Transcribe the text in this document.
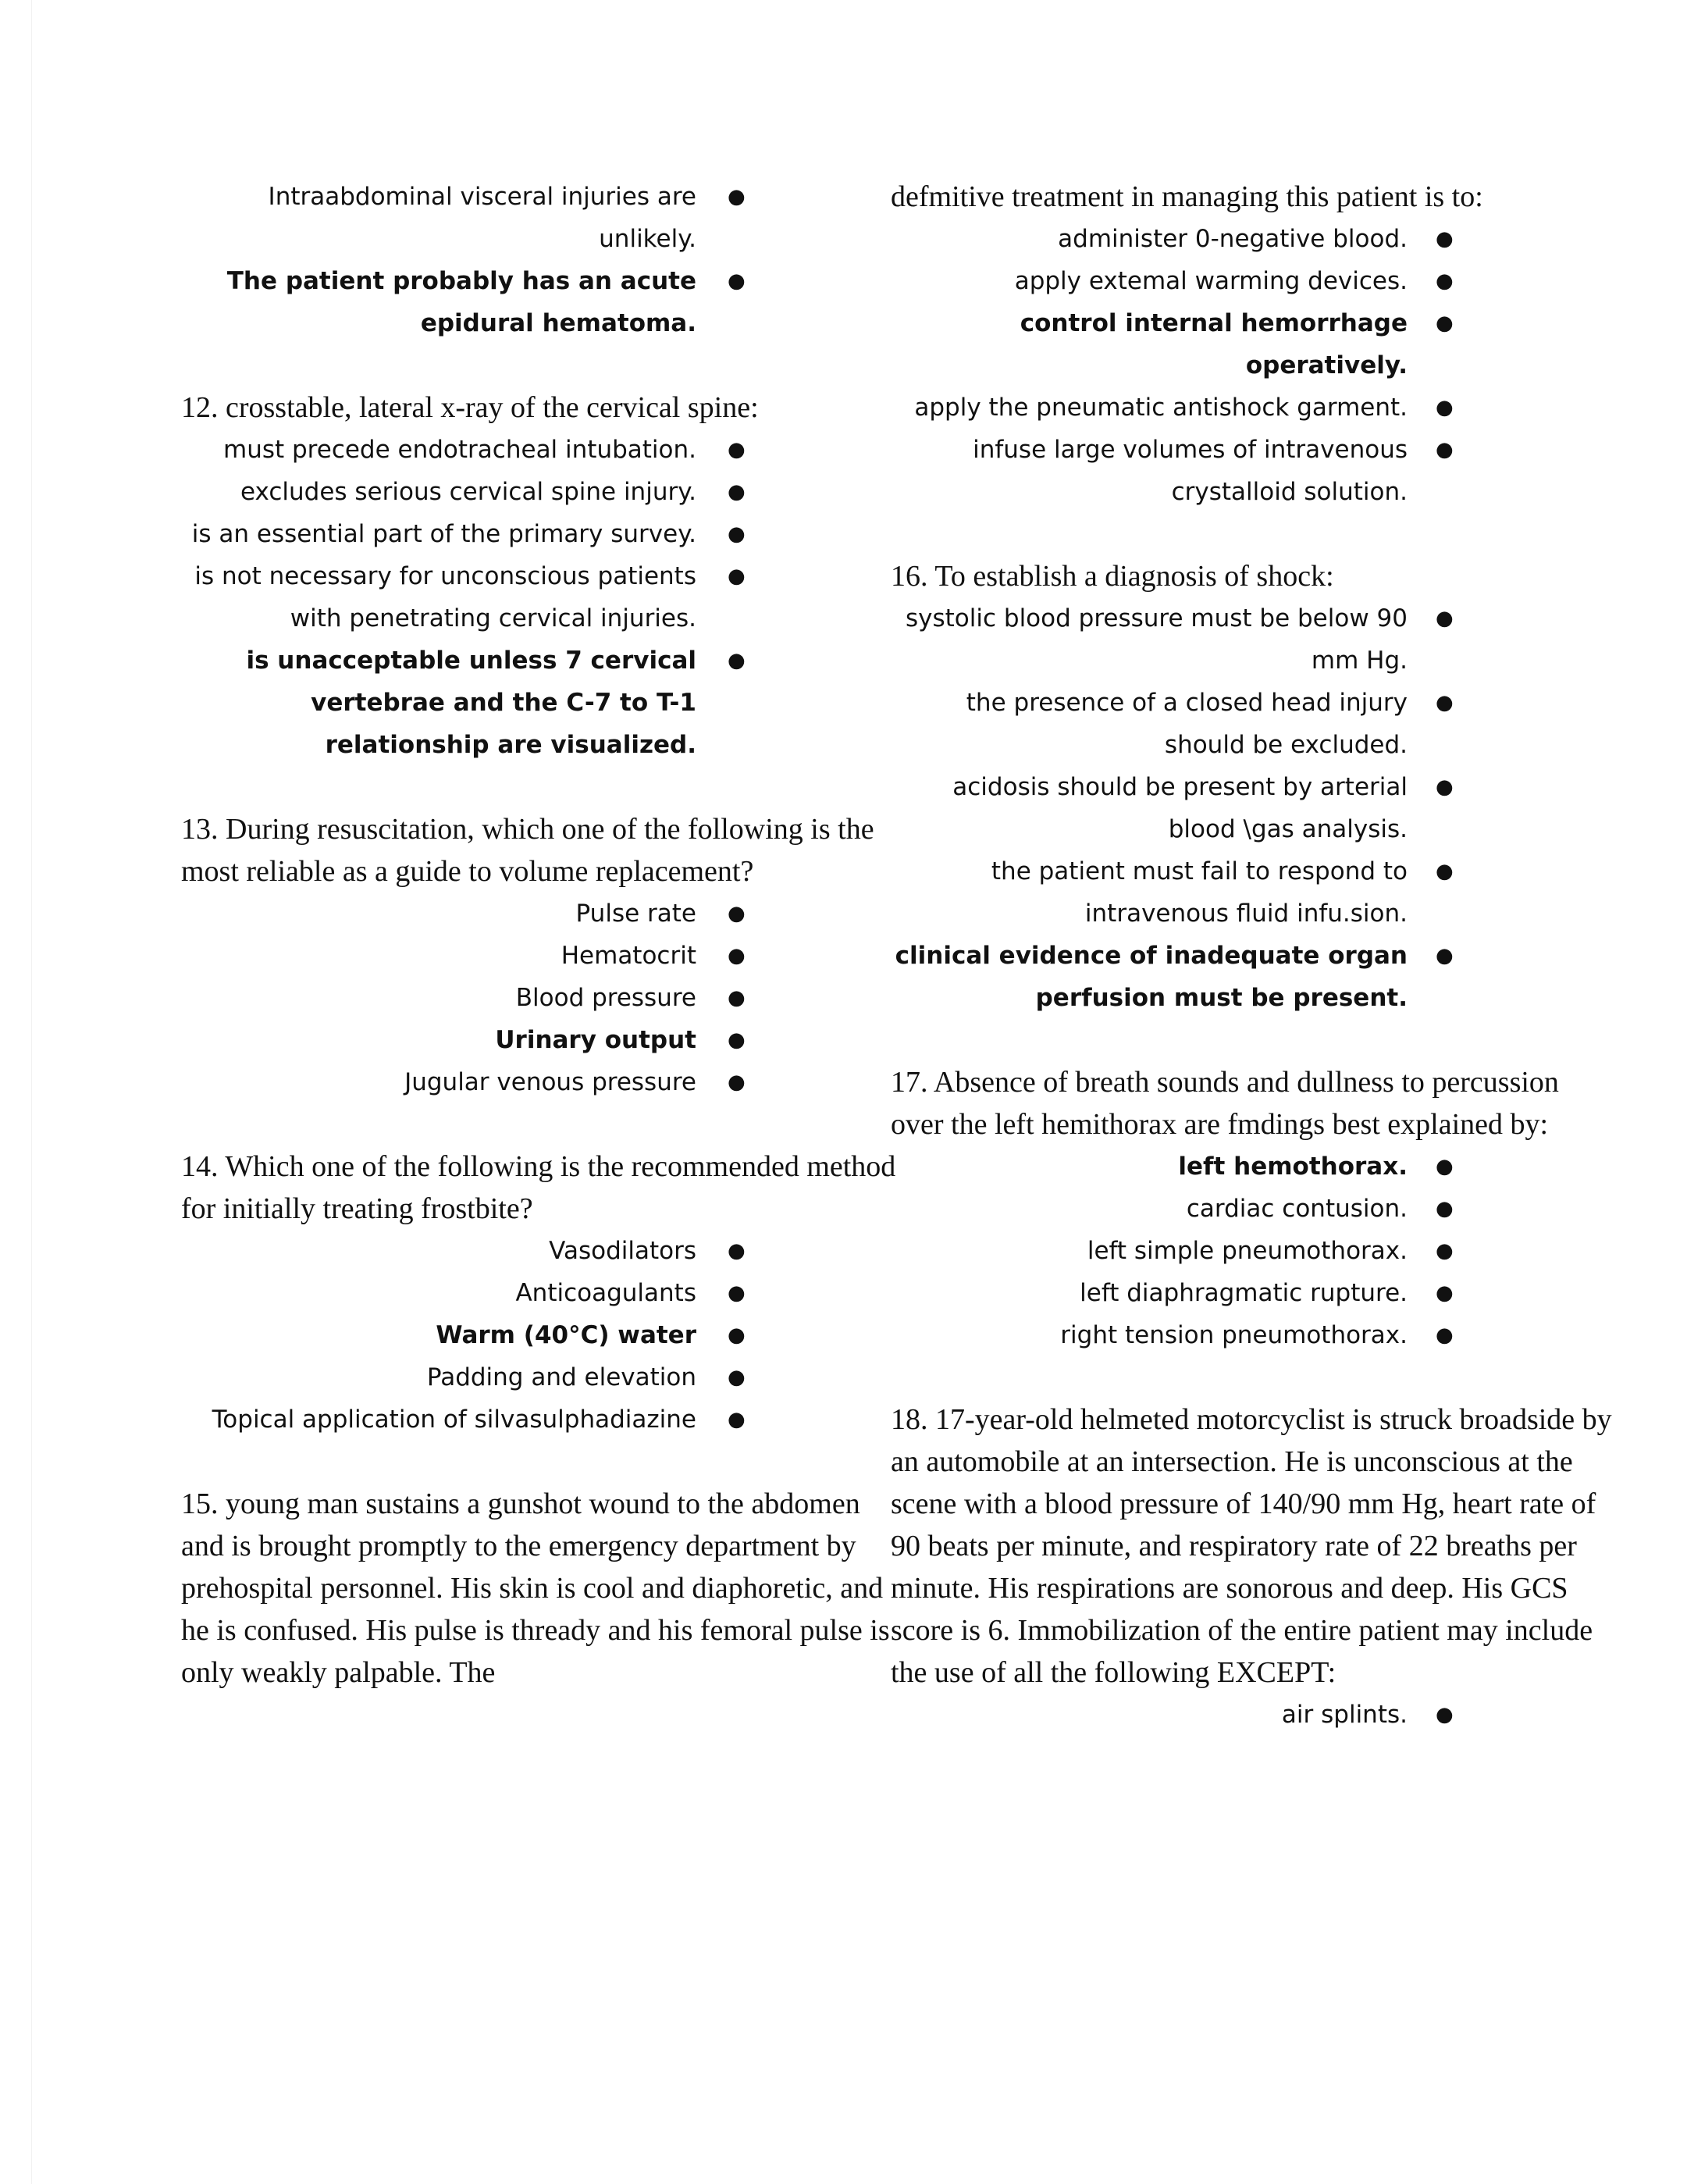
Intraabdominal visceral injuries are unlikely.
●
The patient probably has an acute epidural hematoma.
●

12. crosstable, lateral x-ray of the cervical spine:

must precede endotracheal intubation. ●
excludes serious cervical spine injury. ●
is an essential part of the primary survey. ●
is not necessary for unconscious patients with penetrating cervical injuries.
●
is unacceptable unless 7 cervical vertebrae and the C-7 to T-1 relationship are visualized.
●

13. During resuscitation, which one of the following is the most reliable as a guide to volume replacement?

Pulse rate ●
Hematocrit ●
Blood pressure ●
Urinary output ●
Jugular venous pressure ●

14. Which one of the following is the recommended method for initially treating frostbite?

Vasodilators ●
Anticoagulants ●
Warm (40°C) water ●
Padding and elevation ●
Topical application of silvasulphadiazine ●

15. young man sustains a gunshot wound to the abdomen and is brought promptly to the emergency department by prehospital personnel. His skin is cool and diaphoretic, and he is confused. His pulse is thready and his femoral pulse is only weakly palpable. The

defmitive treatment in managing this patient is to:

administer 0-negative blood. ●
apply extemal warming devices. ●
control internal hemorrhage operatively.
●
apply the pneumatic antishock garment. ●
infuse large volumes of intravenous crystalloid solution.
●

16. To establish a diagnosis of shock:

systolic blood pressure must be below 90 mm Hg.
●
the presence of a closed head injury should be excluded.
●
acidosis should be present by arterial blood \gas analysis.
●
the patient must fail to respond to intravenous fluid infu.sion.
●
clinical evidence of inadequate organ perfusion must be present.
●

17. Absence of breath sounds and dullness to percussion over the left hemithorax are fmdings best explained by:

left hemothorax. ●
cardiac contusion. ●
left simple pneumothorax. ●
left diaphragmatic rupture. ●
right tension pneumothorax. ●

18. 17-year-old helmeted motorcyclist is struck broadside by an automobile at an intersection. He is unconscious at the scene with a blood pressure of 140/90 mm Hg, heart rate of 90 beats per minute, and respiratory rate of 22 breaths per minute. His respirations are sonorous and deep. His GCS score is 6. Immobilization of the entire patient may include the use of all the following EXCEPT:

air splints. ●
